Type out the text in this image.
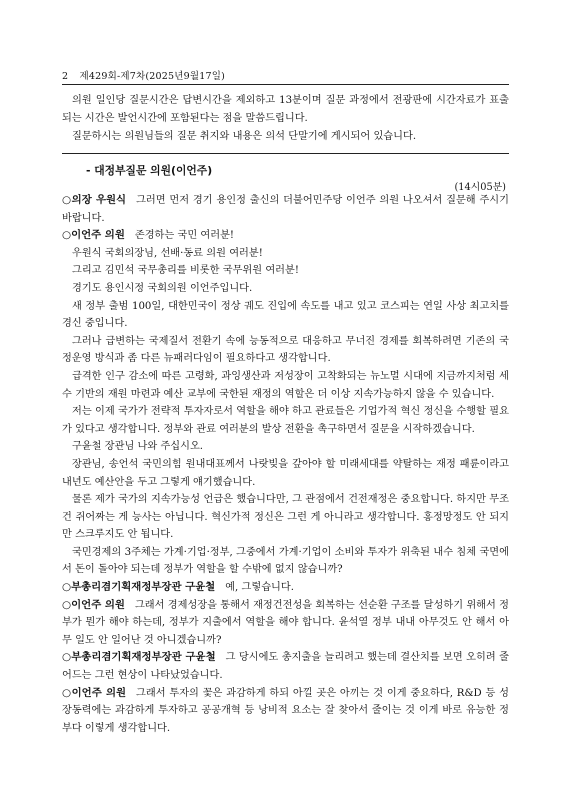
2 제429회-제7차(2025년9월17일)

의원 일인당 질문시간은 답변시간을 제외하고 13분이며 질문 과정에서 전광판에 시간자료가 표출되는 시간은 발언시간에 포함된다는 점을 말씀드립니다.

질문하시는 의원님들의 질문 취지와 내용은 의석 단말기에 게시되어 있습니다.

- 대정부질문 의원(이언주)
(14시05분)

○의장 우원식 그러면 먼저 경기 용인정 출신의 더불어민주당 이언주 의원 나오셔서 질문해 주시기 바랍니다.

○이언주 의원 존경하는 국민 여러분!

우원식 국회의장님, 선배·동료 의원 여러분!

그리고 김민석 국무총리를 비롯한 국무위원 여러분!

경기도 용인시정 국회의원 이언주입니다.

새 정부 출범 100일, 대한민국이 정상 궤도 진입에 속도를 내고 있고 코스피는 연일 사상 최고치를 경신 중입니다.

그러나 급변하는 국제질서 전환기 속에 능동적으로 대응하고 무너진 경제를 회복하려면 기존의 국정운영 방식과 좀 다른 뉴패러다임이 필요하다고 생각합니다.

급격한 인구 감소에 따른 고령화, 과잉생산과 저성장이 고착화되는 뉴노멀 시대에 지금까지처럼 세수 기반의 재원 마련과 예산 교부에 국한된 재정의 역할은 더 이상 지속가능하지 않을 수 있습니다.

저는 이제 국가가 전략적 투자자로서 역할을 해야 하고 관료들은 기업가적 혁신 정신을 수행할 필요가 있다고 생각합니다. 정부와 관료 여러분의 발상 전환을 촉구하면서 질문을 시작하겠습니다.

구윤철 장관님 나와 주십시오.

장관님, 송언석 국민의힘 원내대표께서 나랏빚을 갚아야 할 미래세대를 약탈하는 재정 패륜이라고 내년도 예산안을 두고 그렇게 얘기했습니다.

물론 제가 국가의 지속가능성 언급은 했습니다만, 그 관점에서 건전재정은 중요합니다. 하지만 무조건 쥐어짜는 게 능사는 아닙니다. 혁신가적 정신은 그런 게 아니라고 생각합니다. 홍정망정도 안 되지만 스크루지도 안 됩니다.

국민경제의 3주체는 가계·기업·정부, 그중에서 가계·기업이 소비와 투자가 위축된 내수 침체 국면에서 돈이 돌아야 되는데 정부가 역할을 할 수밖에 없지 않습니까?

○부총리겸기획재정부장관 구윤철 예, 그렇습니다.

○이언주 의원 그래서 경제성장을 통해서 재정건전성을 회복하는 선순환 구조를 달성하기 위해서 정부가 뭔가 해야 하는데, 정부가 지출에서 역할을 해야 합니다. 윤석열 정부 내내 아무것도 안 해서 아무 일도 안 일어난 것 아니겠습니까?

○부총리겸기획재정부장관 구윤철 그 당시에도 총지출을 늘리려고 했는데 결산치를 보면 오히려 줄어드는 그런 현상이 나타났었습니다.

○이언주 의원 그래서 투자의 꽃은 과감하게 하되 아낄 곳은 아끼는 것 이게 중요하다, R&D 등 성장동력에는 과감하게 투자하고 공공개혁 등 낭비적 요소는 잘 찾아서 줄이는 것 이게 바로 유능한 정부다 이렇게 생각합니다.
